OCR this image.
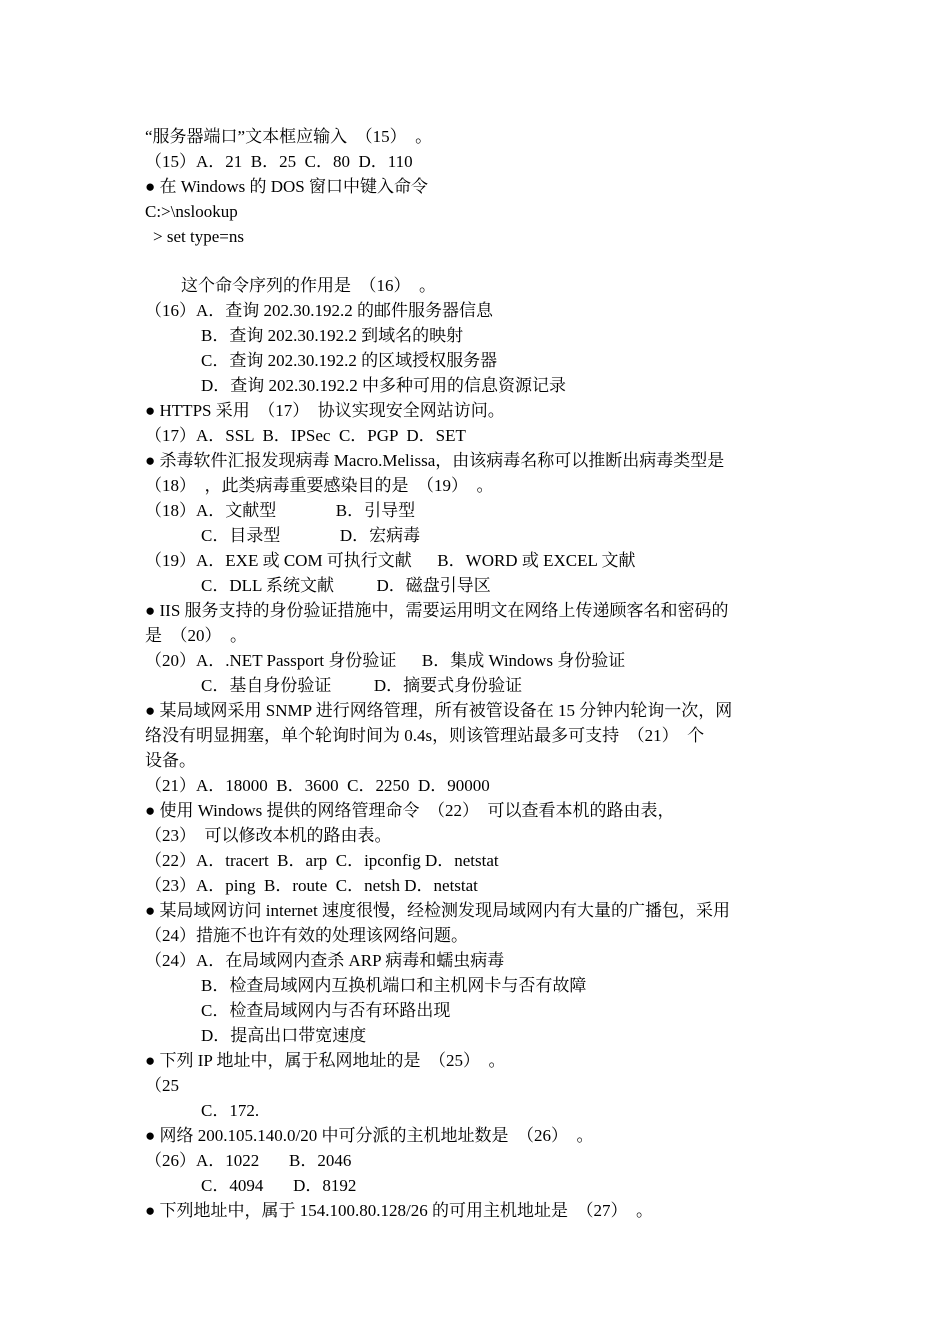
“服务器端口”文本框应输入　（15）　。
（15）A．21  B．25  C．80  D．110
● 在 Windows 的 DOS 窗口中键入命令
C:>\nslookup
> set type=ns
这个命令序列的作用是　（16）　。
（16）A．查询 202.30.192.2 的邮件服务器信息
B．查询 202.30.192.2 到域名的映射
C．查询 202.30.192.2 的区域授权服务器
D．查询 202.30.192.2 中多种可用的信息资源记录
● HTTPS 采用　（17）　协议实现安全网站访问。
（17）A．SSL  B．IPSec  C．PGP  D．SET
● 杀毒软件汇报发现病毒 Macro.Melissa，由该病毒名称可以推断出病毒类型是
（18）　，此类病毒重要感染目的是　（19）　。
（18）A．文献型              B．引导型
C．目录型              D．宏病毒
（19）A．EXE 或 COM 可执行文献      B．WORD 或 EXCEL 文献
C．DLL 系统文献          D．磁盘引导区
● IIS 服务支持的身份验证措施中，需要运用明文在网络上传递顾客名和密码的
是　（20）　。
（20）A．.NET Passport 身份验证      B．集成 Windows 身份验证
C．基自身份验证          D．摘要式身份验证
● 某局域网采用 SNMP 进行网络管理，所有被管设备在 15 分钟内轮询一次，网
络没有明显拥塞，单个轮询时间为 0.4s，则该管理站最多可支持　（21）　个
设备。
（21）A．18000  B．3600  C．2250  D．90000
● 使用 Windows 提供的网络管理命令　（22）　可以查看本机的路由表，
（23）　可以修改本机的路由表。
（22）A．tracert  B．arp  C．ipconfig D．netstat
（23）A．ping  B．route  C．netsh D．netstat
● 某局域网访问 internet 速度很慢，经检测发现局域网内有大量的广播包，采用
（24）措施不也许有效的处理该网络问题。
（24）A．在局域网内查杀 ARP 病毒和蠕虫病毒
B．检查局域网内互换机端口和主机网卡与否有故障
C．检查局域网内与否有环路出现
D．提高出口带宽速度
● 下列 IP 地址中，属于私网地址的是　（25）　。
（25
C．172.
● 网络 200.105.140.0/20 中可分派的主机地址数是　（26）　。
（26）A．1022       B．2046
C．4094       D．8192
● 下列地址中，属于 154.100.80.128/26 的可用主机地址是　（27）　。
